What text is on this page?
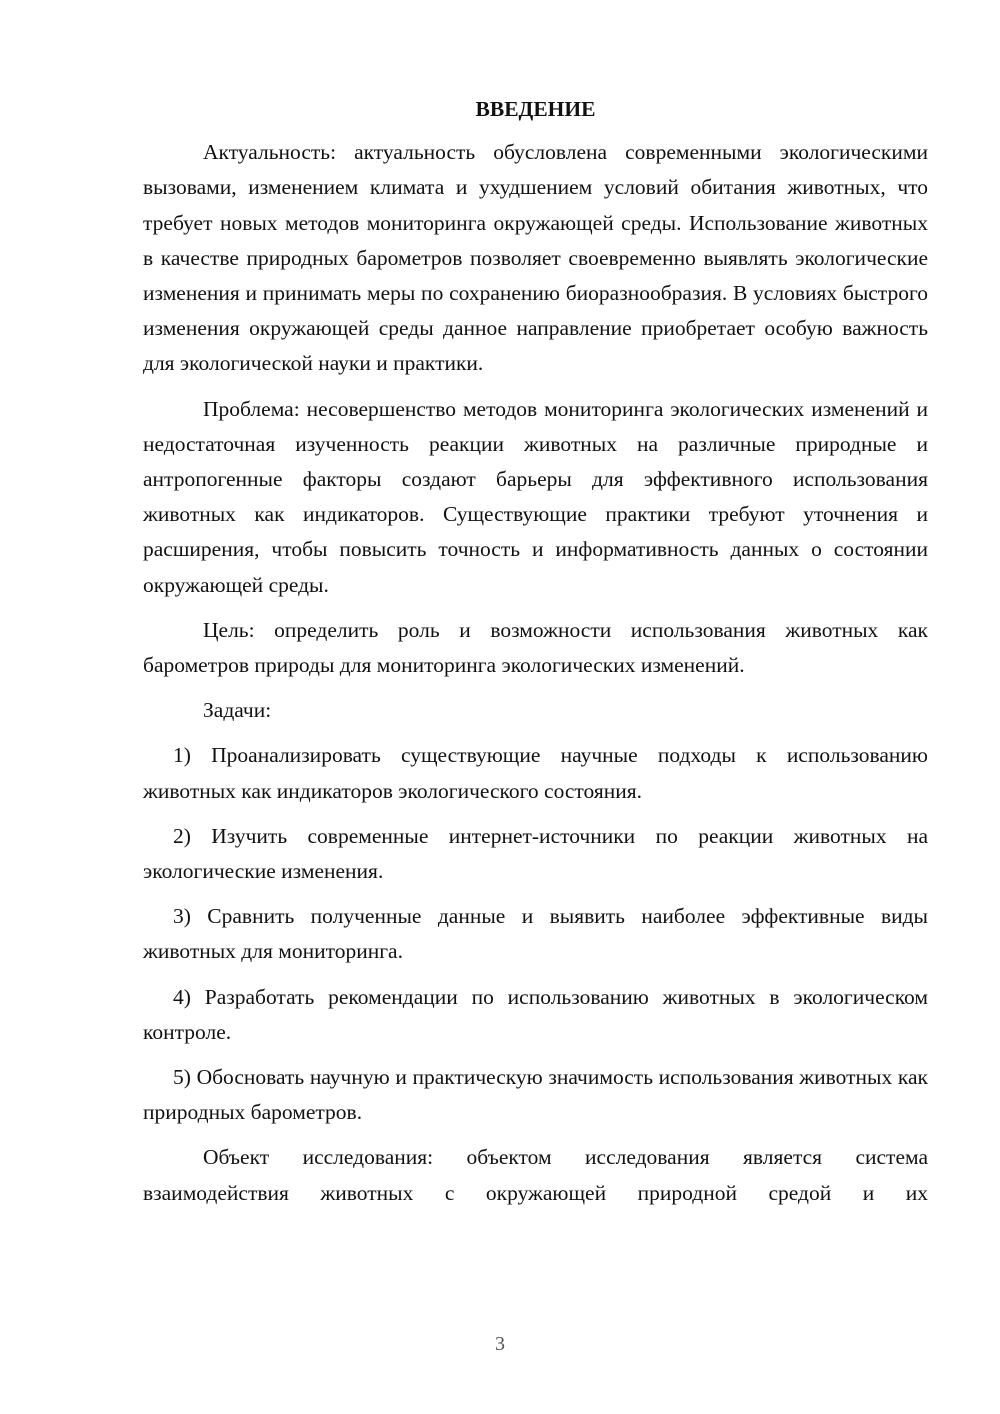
ВВЕДЕНИЕ

Актуальность: актуальность обусловлена современными экологическими вызовами, изменением климата и ухудшением условий обитания животных, что требует новых методов мониторинга окружающей среды. Использование животных в качестве природных барометров позволяет своевременно выявлять экологические изменения и принимать меры по сохранению биоразнообразия. В условиях быстрого изменения окружающей среды данное направление приобретает особую важность для экологической науки и практики.

Проблема: несовершенство методов мониторинга экологических изменений и недостаточная изученность реакции животных на различные природные и антропогенные факторы создают барьеры для эффективного использования животных как индикаторов. Существующие практики требуют уточнения и расширения, чтобы повысить точность и информативность данных о состоянии окружающей среды.

Цель: определить роль и возможности использования животных как барометров природы для мониторинга экологических изменений.

Задачи:

1) Проанализировать существующие научные подходы к использованию животных как индикаторов экологического состояния.

2) Изучить современные интернет-источники по реакции животных на экологические изменения.

3) Сравнить полученные данные и выявить наиболее эффективные виды животных для мониторинга.

4) Разработать рекомендации по использованию животных в экологическом контроле.

5) Обосновать научную и практическую значимость использования животных как природных барометров.

Объект исследования: объектом исследования является система взаимодействия животных с окружающей природной средой и их

3
